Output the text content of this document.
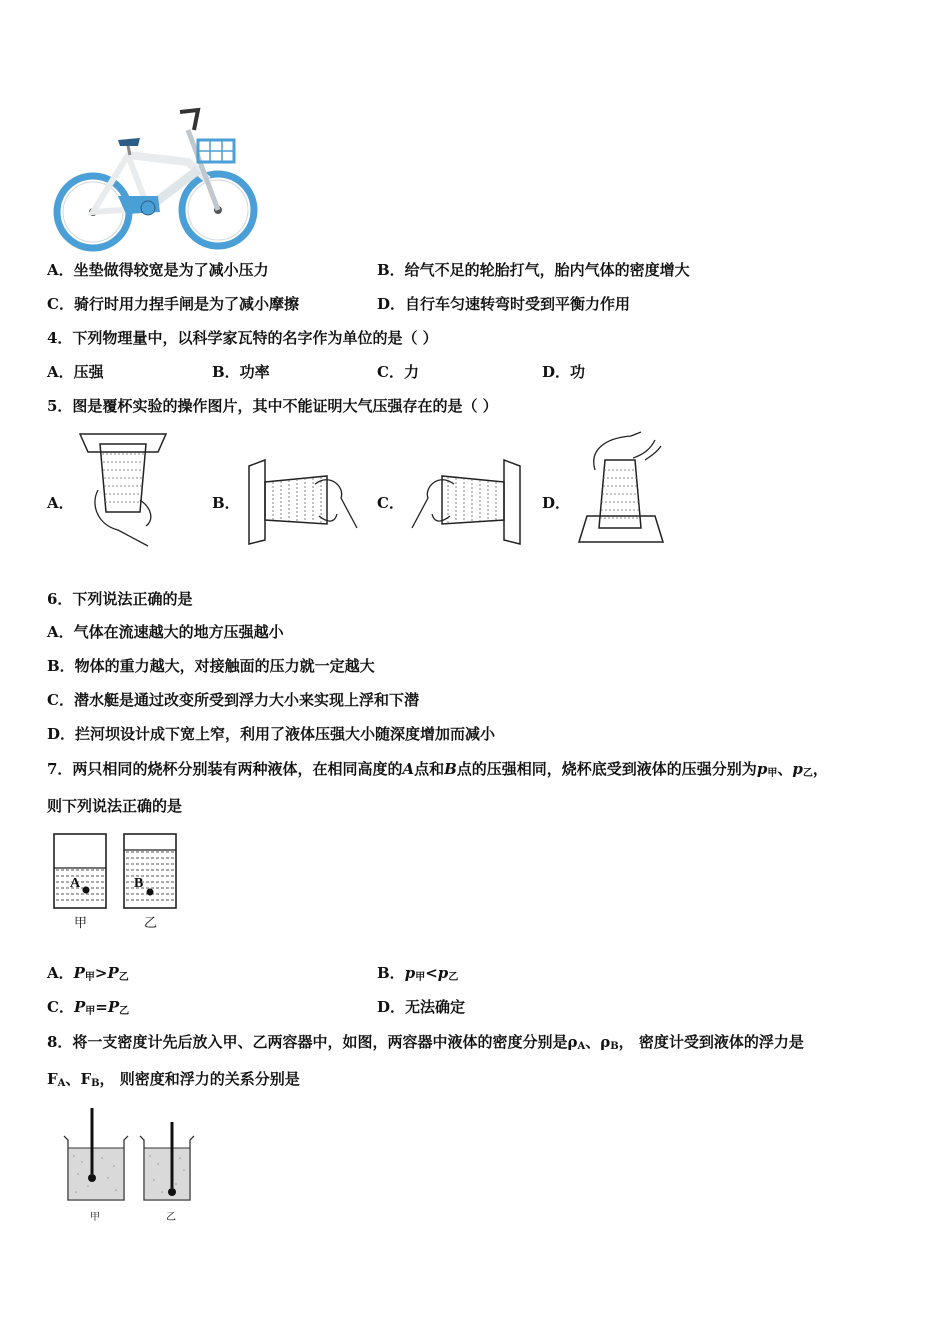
A．坐垫做得较宽是为了减小压力	B．给气不足的轮胎打气，胎内气体的密度增大
C．骑行时用力捏手闸是为了减小摩擦	D．自行车匀速转弯时受到平衡力作用
4．下列物理量中，以科学家瓦特的名字作为单位的是（ ）
A．压强	B．功率	C．力	D．功
5．图是覆杯实验的操作图片，其中不能证明大气压强存在的是（ ）
A．	B．	C．	D．
6．下列说法正确的是
A．气体在流速越大的地方压强越小
B．物体的重力越大，对接触面的压力就一定越大
C．潜水艇是通过改变所受到浮力大小来实现上浮和下潜
D．拦河坝设计成下宽上窄，利用了液体压强大小随深度增加而减小
7．两只相同的烧杯分别装有两种液体，在相同高度的A点和B点的压强相同，烧杯底受到液体的压强分别为$p_甲$、$p_乙$，
则下列说法正确的是
A	B
甲	乙
A．$P_甲>P_乙$	B．$p_甲<p_乙$
C．$P_甲=P_乙$	D．无法确定
8．将一支密度计先后放入甲、乙两容器中，如图，两容器中液体的密度分别是$\rho_A$、$\rho_B$， 密度计受到液体的浮力是
$F_A$、$F_B$， 则密度和浮力的关系分别是
甲	乙
